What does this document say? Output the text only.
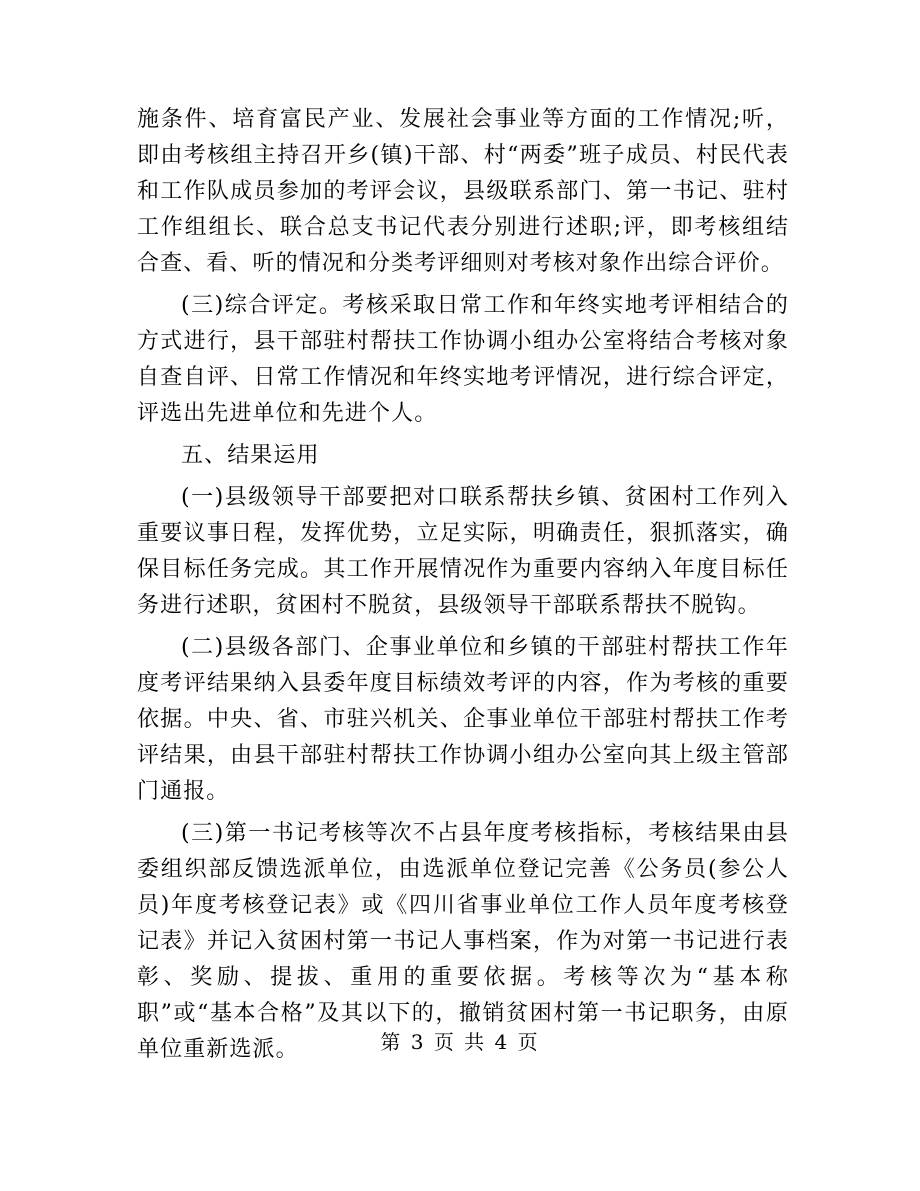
施条件、培育富民产业、发展社会事业等方面的工作情况;听，即由考核组主持召开乡(镇)干部、村“两委”班子成员、村民代表和工作队成员参加的考评会议，县级联系部门、第一书记、驻村工作组组长、联合总支书记代表分别进行述职;评，即考核组结合查、看、听的情况和分类考评细则对考核对象作出综合评价。

(三)综合评定。考核采取日常工作和年终实地考评相结合的方式进行，县干部驻村帮扶工作协调小组办公室将结合考核对象自查自评、日常工作情况和年终实地考评情况，进行综合评定，评选出先进单位和先进个人。

五、结果运用

(一)县级领导干部要把对口联系帮扶乡镇、贫困村工作列入重要议事日程，发挥优势，立足实际，明确责任，狠抓落实，确保目标任务完成。其工作开展情况作为重要内容纳入年度目标任务进行述职，贫困村不脱贫，县级领导干部联系帮扶不脱钩。

(二)县级各部门、企事业单位和乡镇的干部驻村帮扶工作年度考评结果纳入县委年度目标绩效考评的内容，作为考核的重要依据。中央、省、市驻兴机关、企事业单位干部驻村帮扶工作考评结果，由县干部驻村帮扶工作协调小组办公室向其上级主管部门通报。

(三)第一书记考核等次不占县年度考核指标，考核结果由县委组织部反馈选派单位，由选派单位登记完善《公务员(参公人员)年度考核登记表》或《四川省事业单位工作人员年度考核登记表》并记入贫困村第一书记人事档案，作为对第一书记进行表彰、奖励、提拔、重用的重要依据。考核等次为“基本称职”或“基本合格”及其以下的，撤销贫困村第一书记职务，由原单位重新选派。	第 3 页 共 4 页
